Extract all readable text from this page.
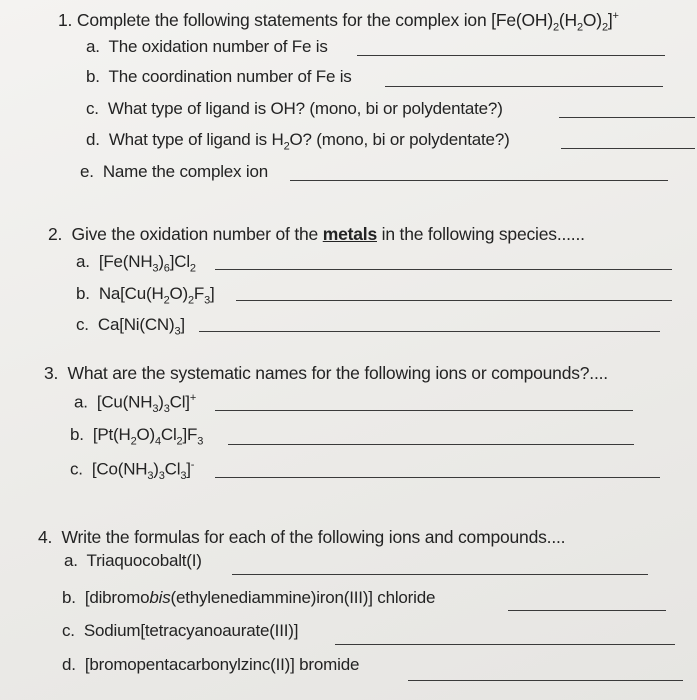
1. Complete the following statements for the complex ion $[Fe(OH)_2(H_2O)_2]^+$
a. The oxidation number of Fe is
b. The coordination number of Fe is
c. What type of ligand is OH? (mono, bi or polydentate?)
d. What type of ligand is $H_2O$? (mono, bi or polydentate?)
e. Name the complex ion
2. Give the oxidation number of the metals in the following species......
a. $[Fe(NH_3)_6]Cl_2$
b. $Na[Cu(H_2O)_2F_3]$
c. $Ca[Ni(CN)_3]$
3. What are the systematic names for the following ions or compounds?....
a. $[Cu(NH_3)_3Cl]^+$
b. $[Pt(H_2O)_4Cl_2]F_3$
c. $[Co(NH_3)_3Cl_3]^-$
4. Write the formulas for each of the following ions and compounds....
a. Triaquocobalt(I)
b. [dibromobis(ethylenediammine)iron(III)] chloride
c. Sodium[tetracyanoaurate(III)]
d. [bromopentacarbonylzinc(II)] bromide
